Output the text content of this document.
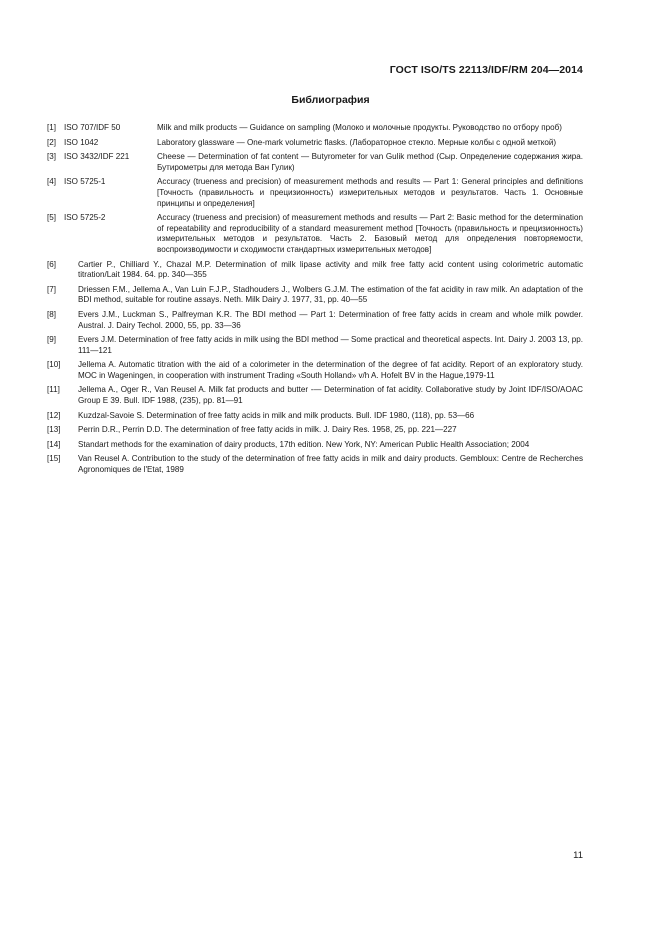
ГОСТ ISO/TS 22113/IDF/RM 204—2014
Библиография
[1] ISO 707/IDF 50	Milk and milk products — Guidance on sampling (Молоко и молочные продукты. Руководство по отбору проб)
[2] ISO 1042	Laboratory glassware — One-mark volumetric flasks. (Лабораторное стекло. Мерные колбы с одной меткой)
[3] ISO 3432/IDF 221	Cheese — Determination of fat content — Butyrometer for van Gulik method (Сыр. Определение содержания жира. Бутирометры для метода Ван Гулик)
[4] ISO 5725-1	Accuracy (trueness and precision) of measurement methods and results — Part 1: General principles and definitions [Точность (правильность и прецизионность) измерительных методов и результатов. Часть 1. Основные принципы и определения]
[5] ISO 5725-2	Accuracy (trueness and precision) of measurement methods and results — Part 2: Basic method for the determination of repeatability and reproducibility of a standard measurement method [Точность (правильность и прецизионность) измерительных методов и результатов. Часть 2. Базовый метод для определения повторяемости, воспроизводимости и сходимости стандартных измерительных методов]
[6]	Cartier P., Chilliard Y., Chazal M.P. Determination of milk lipase activity and milk free fatty acid content using colorimetric automatic titration/Lait 1984. 64. pp. 340—355
[7]	Driessen F.M., Jellema A., Van Luin F.J.P., Stadhouders J., Wolbers G.J.M. The estimation of the fat acidity in raw milk. An adaptation of the BDI method, suitable for routine assays. Neth. Milk Dairy J. 1977, 31, pp. 40—55
[8]	Evers J.M., Luckman S., Palfreyman K.R. The BDI method — Part 1: Determination of free fatty acids in cream and whole milk powder. Austral. J. Dairy Techol. 2000, 55, pp. 33—36
[9]	Evers J.M. Determination of free fatty acids in milk using the BDI method — Some practical and theoretical aspects. Int. Dairy J. 2003 13, pp. 111—121
[10] Jellema A. Automatic titration with the aid of a colorimeter in the determination of the degree of fat acidity. Report of an exploratory study. MOC in Wageningen, in cooperation with instrument Trading «South Holland» v/h A. Hofelt BV in the Hague,1979-11
[11] Jellema A., Oger R., Van Reusel A. Milk fat products and butter -— Determination of fat acidity. Collaborative study by Joint IDF/ISO/AOAC Group E 39. Bull. IDF 1988, (235), pp. 81—91
[12] Kuzdzal-Savoie S. Determination of free fatty acids in milk and milk products. Bull. IDF 1980, (118), pp. 53—66
[13] Perrin D.R., Perrin D.D. The determination of free fatty acids in milk. J. Dairy Res. 1958, 25, pp. 221—227
[14] Standart methods for the examination of dairy products, 17th edition. New York, NY: American Public Health Association; 2004
[15] Van Reusel A. Contribution to the study of the determination of free fatty acids in milk and dairy products. Gembloux: Centre de Recherches Agronomiques de l'Etat, 1989
11
